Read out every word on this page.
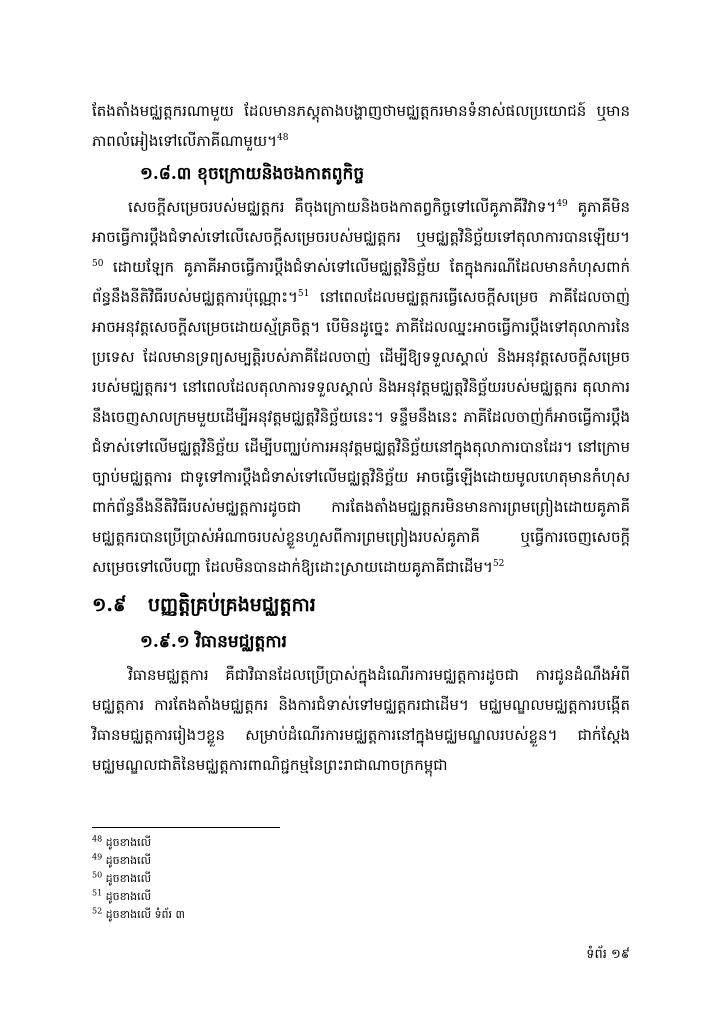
តែងតាំងមជ្ឈត្តករណាមួយ ដែលមានភស្តុតាងបង្ហាញថាមជ្ឈត្តករមានទំនាស់ផលប្រយោជន៍ ឬមានភាពលំអៀងទៅលើភាគីណាមួយ។$^{48}$

១.៨.៣ ខុចក្រោយនិងចងកាតពូកិច្ច

សេចក្ដីសម្រេចរបស់មជ្ឈត្តករ គឺចុងក្រោយនិងចងកាតព្វកិច្ចទៅលើគូភាគីវិវាទ។$^{49}$ គូភាគីមិនអាចធ្វើការប្ដឹងជំទាស់ទៅលើសេចក្ដីសម្រេចរបស់មជ្ឈត្តករ ឬមជ្ឈត្តវិនិច្ឆ័យទៅតុលាការបានឡើយ។$^{50}$ ដោយឡែក គូភាគីអាចធ្វើការប្ដឹងជំទាស់ទៅលើមជ្ឈត្តវិនិច្ឆ័យ តែក្នុងករណីដែលមានកំហុសពាក់ព័ន្ធនឹងនីតិវិធីរបស់មជ្ឈត្តការប៉ុណ្ណោះ។$^{51}$ នៅពេលដែលមជ្ឈត្តករធ្វើសេចក្ដីសម្រេច ភាគីដែលចាញ់អាចអនុវត្តសេចក្ដីសម្រេចដោយស្ម័គ្រចិត្ត។ បើមិនដូច្នេះ ភាគីដែលឈ្នះអាចធ្វើការប្ដឹងទៅតុលាការនៃប្រទេស ដែលមានទ្រព្យសម្បត្តិរបស់ភាគីដែលចាញ់ ដើម្បីឱ្យទទួលស្គាល់ និងអនុវត្តសេចក្ដីសម្រេចរបស់មជ្ឈត្តករ។ នៅពេលដែលតុលាការទទួលស្គាល់ និងអនុវត្តមជ្ឈត្តវិនិច្ឆ័យរបស់មជ្ឈត្តករ តុលាការនឹងចេញសាលក្រមមួយដើម្បីអនុវត្តមជ្ឈត្តវិនិច្ឆ័យនេះ។ ទន្ទឹមនឹងនេះ ភាគីដែលចាញ់ក៏អាចធ្វើការប្ដឹងជំទាស់ទៅលើមជ្ឈត្តវិនិច្ឆ័យ ដើម្បីបញ្ឈប់ការអនុវត្តមជ្ឈត្តវិនិច្ឆ័យនៅក្នុងតុលាការបានដែរ។ នៅក្រោមច្បាប់មជ្ឈត្តការ ជាទូទៅការប្ដឹងជំទាស់ទៅលើមជ្ឈត្តវិនិច្ឆ័យ អាចធ្វើឡើងដោយមូលហេតុមានកំហុសពាក់ព័ន្ធនឹងនីតិវិធីរបស់មជ្ឈត្តការដូចជា ការតែងតាំងមជ្ឈត្តករមិនមានការព្រមព្រៀងដោយគូភាគី មជ្ឈត្តករបានប្រើប្រាស់អំណាចរបស់ខ្លួនហួសពីការព្រមព្រៀងរបស់គូភាគី ឬធ្វើការចេញសេចក្ដីសម្រេចទៅលើបញ្ហា ដែលមិនបានដាក់ឱ្យដោះស្រាយដោយគូភាគីជាដើម។$^{52}$

១.៩ បញ្ញត្តិគ្រប់គ្រងមជ្ឈត្តការ
១.៩.១ វិធានមជ្ឈត្តការ

វិធានមជ្ឈត្តការ គឺជាវិធានដែលប្រើប្រាស់ក្នុងដំណើរការមជ្ឈត្តការដូចជា ការជូនដំណឹងអំពីមជ្ឈត្តការ ការតែងតាំងមជ្ឈត្តករ និងការជំទាស់ទៅមជ្ឈត្តករជាដើម។ មជ្ឈមណ្ឌលមជ្ឈត្តការបង្កើតវិធានមជ្ឈត្តការរៀងៗខ្លួន សម្រាប់ដំណើរការមជ្ឈត្តការនៅក្នុងមជ្ឈមណ្ឌលរបស់ខ្លួន។ ជាក់ស្ដែង មជ្ឈមណ្ឌលជាតិនៃមជ្ឈត្តការពាណិជ្ជកម្មនៃព្រះរាជាណាចក្រកម្ពុជា

$^{48}$ ដូចខាងលើ
$^{49}$ ដូចខាងលើ
$^{50}$ ដូចខាងលើ
$^{51}$ ដូចខាងលើ
$^{52}$ ដូចខាងលើ ទំព័រ ៣
ទំព័រ ១៩
